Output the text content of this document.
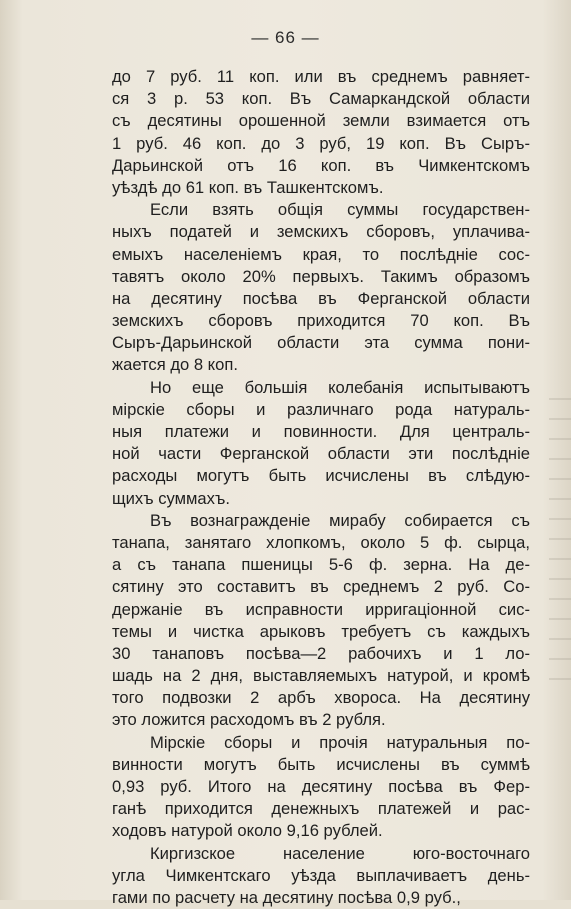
— 66 —
до 7 руб. 11 коп. или въ среднемъ равняет-
ся 3 р. 53 коп. Въ Самаркандской области
съ десятины орошенной земли взимается отъ
1 руб. 46 коп. до 3 руб, 19 коп. Въ Сыръ-
Дарьинской отъ 16 коп. въ Чимкентскомъ
уѣздѣ до 61 коп. въ Ташкентскомъ.
Если взять общія суммы государствен-
ныхъ податей и земскихъ сборовъ, уплачива-
емыхъ населеніемъ края, то послѣдніе сос-
тавятъ около 20% первыхъ. Такимъ образомъ
на десятину посѣва въ Ферганской области
земскихъ сборовъ приходится 70 коп. Въ
Сыръ-Дарьинской области эта сумма пони-
жается до 8 коп.
Но еще большія колебанія испытываютъ
мірскіе сборы и различнаго рода натураль-
ныя платежи и повинности. Для централь-
ной части Ферганской области эти послѣдніе
расходы могутъ быть исчислены въ слѣдую-
щихъ суммахъ.
Въ вознагражденіе мирабу собирается съ
танапа, занятаго хлопкомъ, около 5 ф. сырца,
а съ танапа пшеницы 5-6 ф. зерна. На де-
сятину это составитъ въ среднемъ 2 руб. Со-
держаніе въ исправности ирригаціонной сис-
темы и чистка арыковъ требуетъ съ каждыхъ
30 танаповъ посѣва—2 рабочихъ и 1 ло-
шадь на 2 дня, выставляемыхъ натурой, и кромѣ
того подвозки 2 арбъ хвороса. На десятину
это ложится расходомъ въ 2 рубля.
Мірскіе сборы и прочія натуральныя по-
винности могутъ быть исчислены въ суммѣ
0,93 руб. Итого на десятину посѣва въ Фер-
ганѣ приходится денежныхъ платежей и рас-
ходовъ натурой около 9,16 рублей.
Киргизское население юго-восточнаго
угла Чимкентскаго уѣзда выплачиваетъ день-
гами по расчету на десятину посѣва 0,9 руб.,
